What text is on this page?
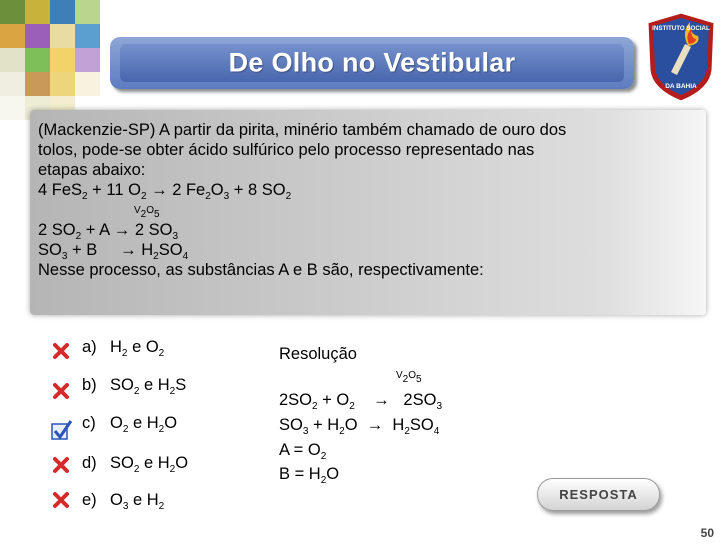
De Olho no Vestibular
INSTITUTO SOCIAL
DA BAHIA
(Mackenzie-SP) A partir da pirita, minério também chamado de ouro dos
tolos, pode-se obter ácido sulfúrico pelo processo representado nas
etapas abaixo:
4 FeS$_2$ + 11 $O_2 \to 2$ $Fe_2O_3 + 8$ $SO_2$
$V_2O_5$
2 $SO_2 + A \to 2$ $SO_3$
$SO_3 + B$     → $H_2SO_4$
Nesse processo, as substâncias A e B são, respectivamente:
a) $H_2$ e $O_2$
b) $SO_2$ e $H_2S$
c) $O_2$ e $H_2O$
d) $SO_2$ e $H_2O$
e) $O_3$ e $H_2$
Resolução
$V_2O_5$
$2SO_2 + O_2 \to 2SO_3$
$SO_3 + H_2O \to H_2SO_4$
$A = O_2$
$B = H_2O$
RESPOSTA
50
